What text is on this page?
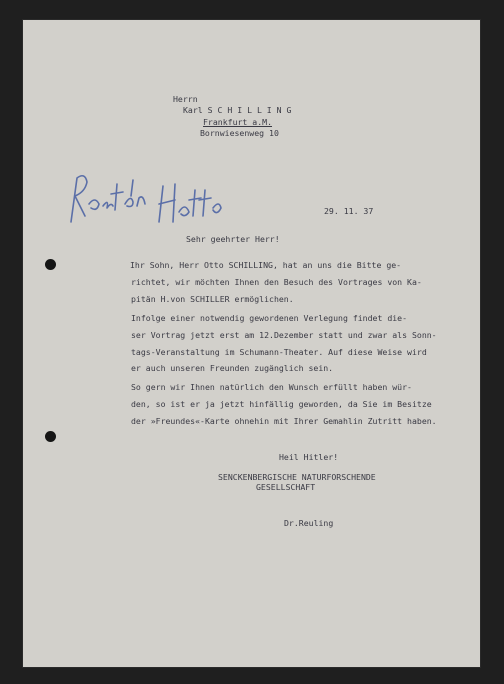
Herrn
Karl S C H I L L I N G
Frankfurt a.M.
Bornwiesenweg 10
29. 11. 37
Sehr geehrter Herr!
Ihr Sohn, Herr Otto SCHILLING, hat an uns die Bitte ge-
richtet, wir möchten Ihnen den Besuch des Vortrages von Ka-
pitän H.von SCHILLER ermöglichen.
Infolge einer notwendig gewordenen Verlegung findet die-
ser Vortrag jetzt erst am 12.Dezember statt und zwar als Sonn-
tags-Veranstaltung im Schumann-Theater. Auf diese Weise wird
er auch unseren Freunden zugänglich sein.
So gern wir Ihnen natürlich den Wunsch erfüllt haben wür-
den, so ist er ja jetzt hinfällig geworden, da Sie im Besitze
der »Freundes«-Karte ohnehin mit Ihrer Gemahlin Zutritt haben.
Heil Hitler!
SENCKENBERGISCHE NATURFORSCHENDE
GESELLSCHAFT
Dr.Reuling
